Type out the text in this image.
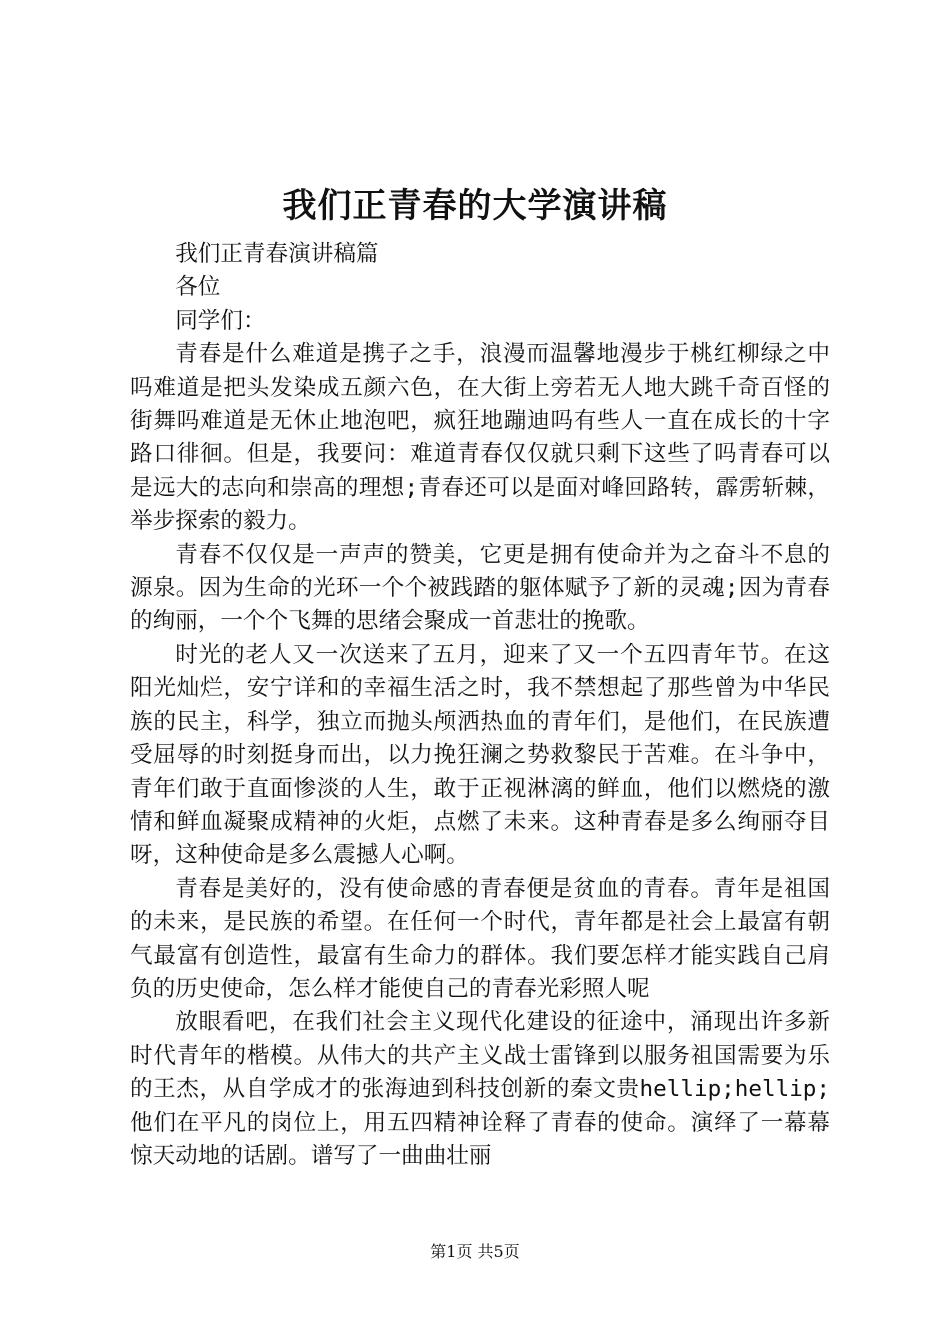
我们正青春的大学演讲稿

我们正青春演讲稿篇

各位

同学们：

青春是什么难道是携子之手，浪漫而温馨地漫步于桃红柳绿之中吗难道是把头发染成五颜六色，在大街上旁若无人地大跳千奇百怪的街舞吗难道是无休止地泡吧，疯狂地蹦迪吗有些人一直在成长的十字路口徘徊。但是，我要问：难道青春仅仅就只剩下这些了吗青春可以是远大的志向和崇高的理想;青春还可以是面对峰回路转，霹雳斩棘，举步探索的毅力。

青春不仅仅是一声声的赞美，它更是拥有使命并为之奋斗不息的源泉。因为生命的光环一个个被践踏的躯体赋予了新的灵魂;因为青春的绚丽，一个个飞舞的思绪会聚成一首悲壮的挽歌。

时光的老人又一次送来了五月，迎来了又一个五四青年节。在这阳光灿烂，安宁详和的幸福生活之时，我不禁想起了那些曾为中华民族的民主，科学，独立而抛头颅洒热血的青年们，是他们，在民族遭受屈辱的时刻挺身而出，以力挽狂澜之势救黎民于苦难。在斗争中，青年们敢于直面惨淡的人生，敢于正视淋漓的鲜血，他们以燃烧的激情和鲜血凝聚成精神的火炬，点燃了未来。这种青春是多么绚丽夺目呀，这种使命是多么震撼人心啊。

青春是美好的，没有使命感的青春便是贫血的青春。青年是祖国的未来，是民族的希望。在任何一个时代，青年都是社会上最富有朝气最富有创造性，最富有生命力的群体。我们要怎样才能实践自己肩负的历史使命，怎么样才能使自己的青春光彩照人呢

放眼看吧，在我们社会主义现代化建设的征途中，涌现出许多新时代青年的楷模。从伟大的共产主义战士雷锋到以服务祖国需要为乐的王杰，从自学成才的张海迪到科技创新的秦文贵hellip;hellip;他们在平凡的岗位上，用五四精神诠释了青春的使命。演绎了一幕幕惊天动地的话剧。谱写了一曲曲壮丽

第1页 共5页
